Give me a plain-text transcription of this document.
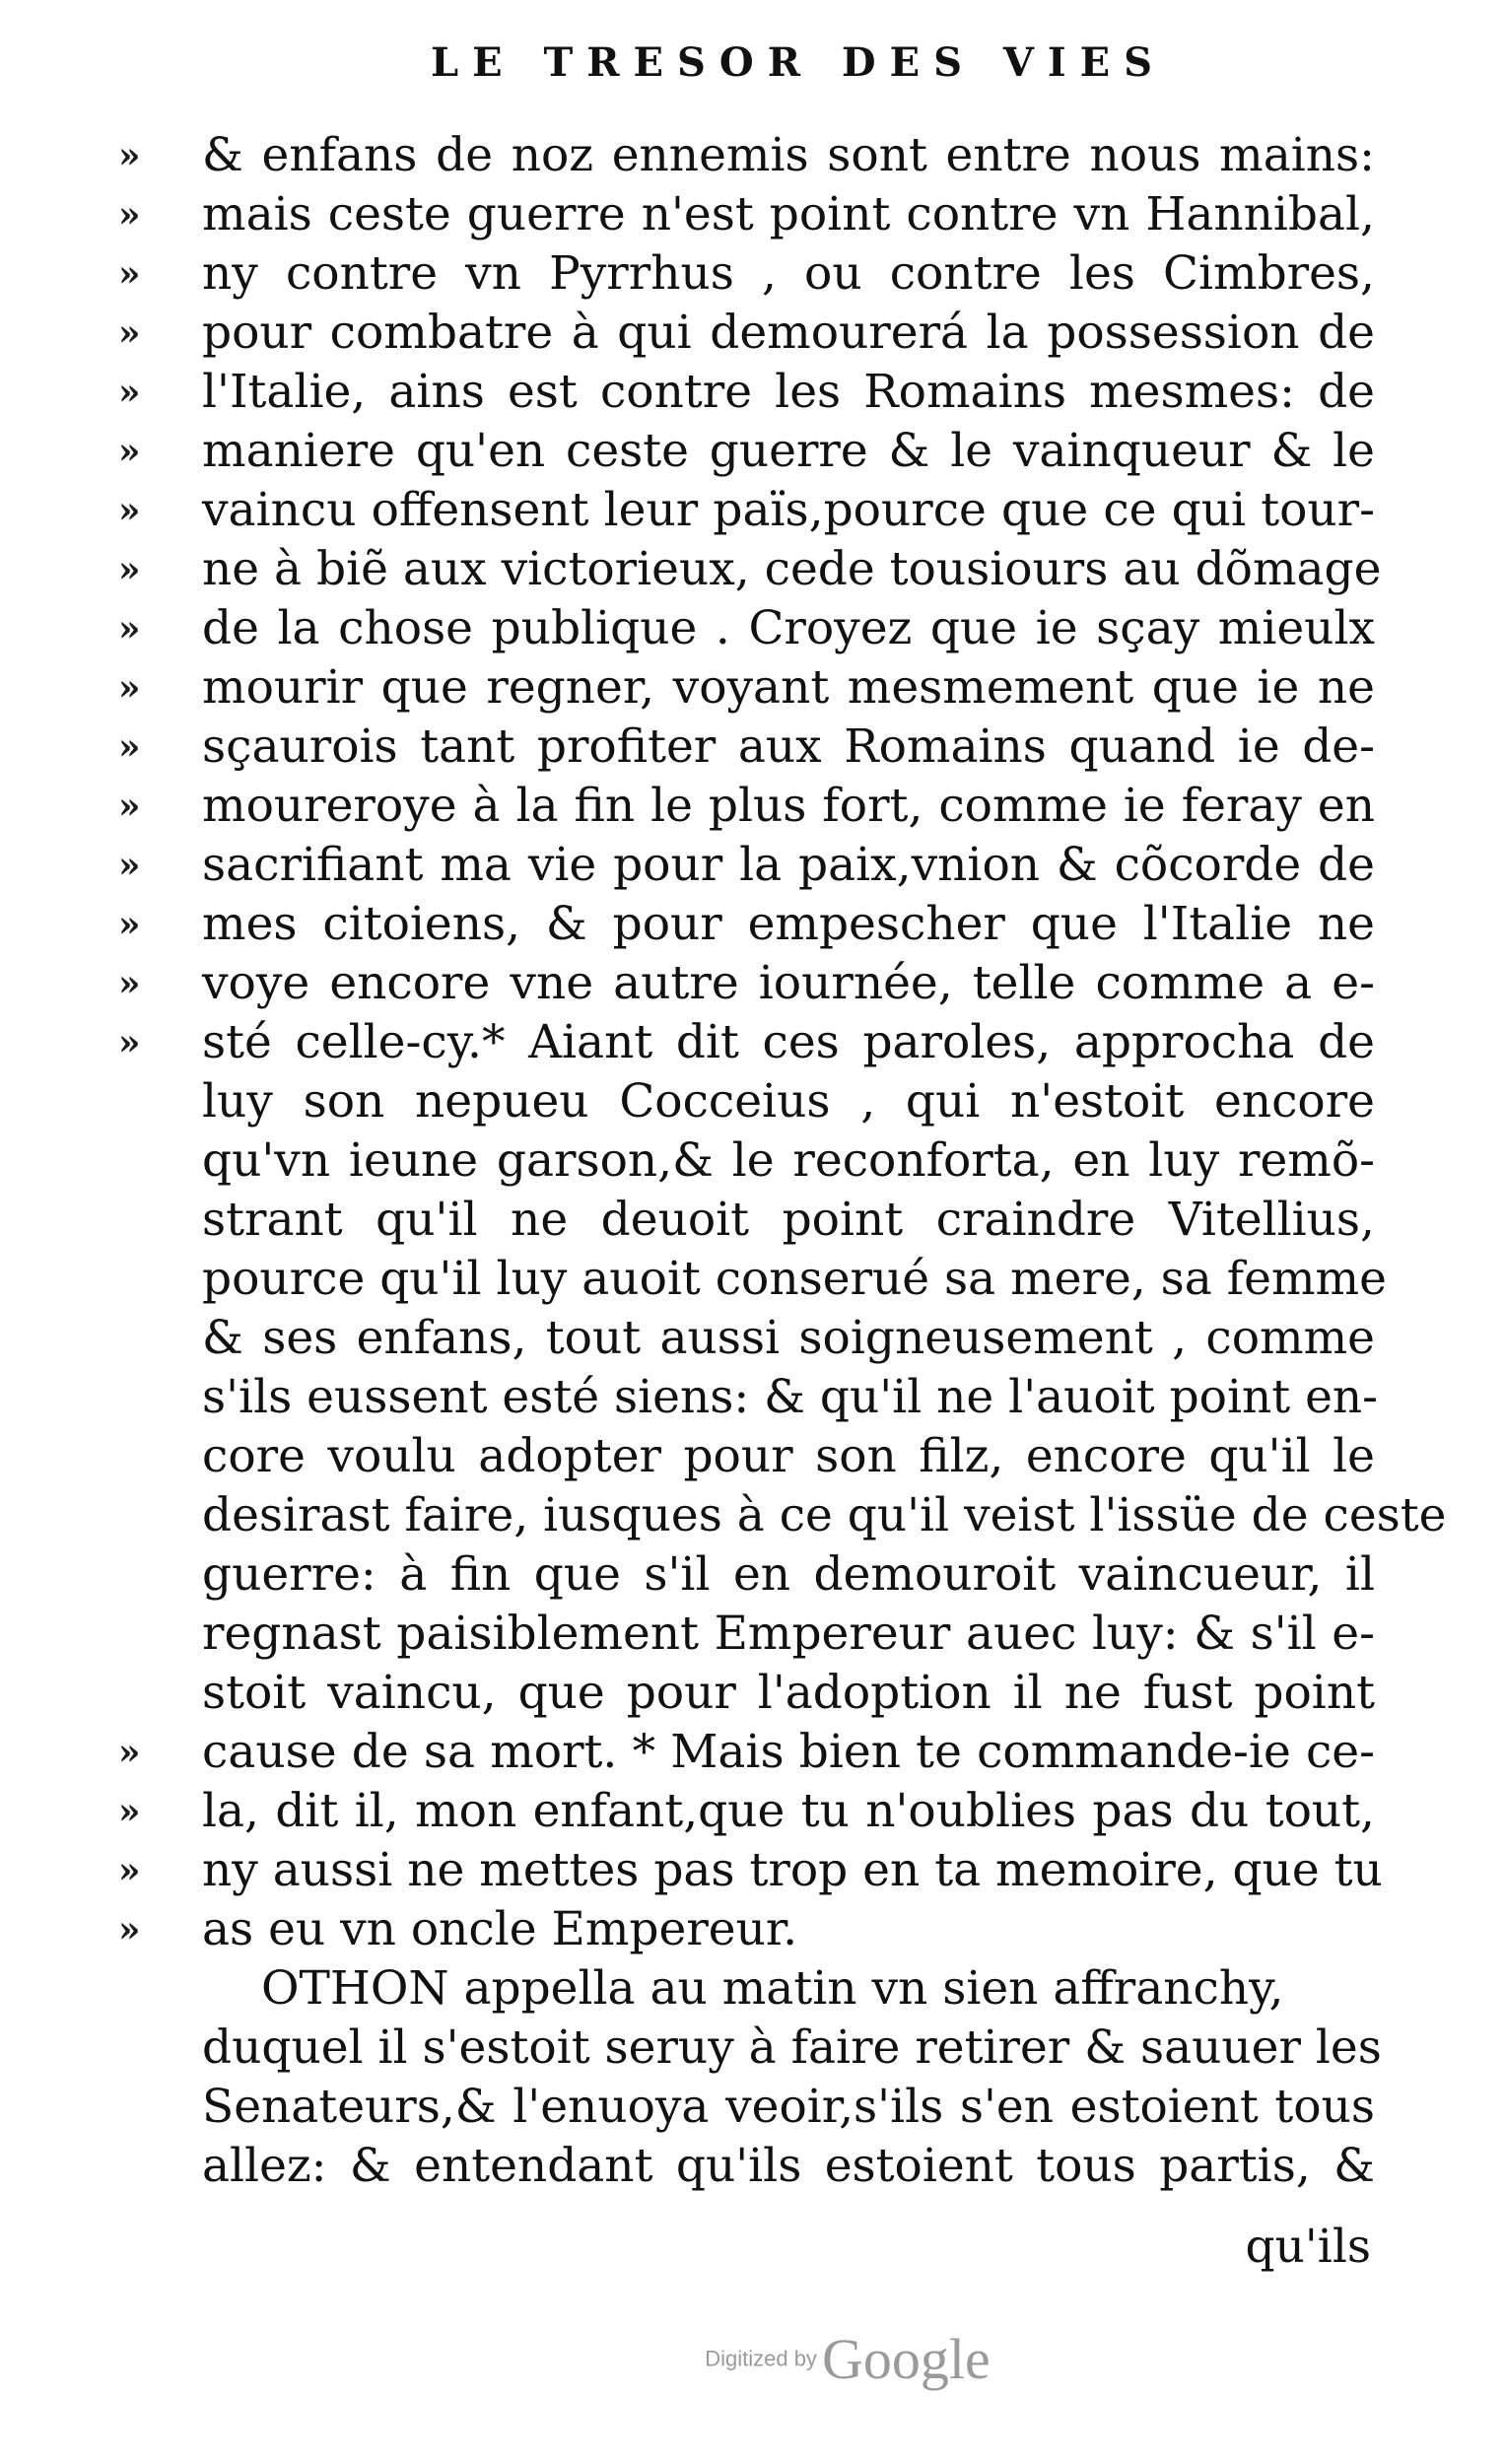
LE TRESOR DES VIES
»
»
»
»
»
»
»
»
»
»
»
»
»
»
»
»
»
»
»
»
& enfans de noz ennemis sont entre nous mains:
mais ceste guerre n'est point contre vn Hannibal,
ny contre vn Pyrrhus , ou contre les Cimbres,
pour combatre à qui demourerá la possession de
l'Italie, ains est contre les Romains mesmes: de
maniere qu'en ceste guerre & le vainqueur & le
vaincu offensent leur païs,pource que ce qui tour-
ne à biẽ aux victorieux, cede tousiours au dõmage
de la chose publique . Croyez que ie sçay mieulx
mourir que regner, voyant mesmement que ie ne
sçaurois tant profiter aux Romains quand ie de-
moureroye à la fin le plus fort, comme ie feray en
sacrifiant ma vie pour la paix,vnion & cõcorde de
mes citoiens, & pour empescher que l'Italie ne
voye encore vne autre iournée, telle comme a e-
sté celle-cy.* Aiant dit ces paroles, approcha de
luy son nepueu Cocceius , qui n'estoit encore
qu'vn ieune garson,& le reconforta, en luy remõ-
strant qu'il ne deuoit point craindre Vitellius,
pource qu'il luy auoit conserué sa mere, sa femme
& ses enfans, tout aussi soigneusement , comme
s'ils eussent esté siens: & qu'il ne l'auoit point en-
core voulu adopter pour son filz, encore qu'il le
desirast faire, iusques à ce qu'il veist l'issüe de ceste
guerre: à fin que s'il en demouroit vaincueur, il
regnast paisiblement Empereur auec luy: & s'il e-
stoit vaincu, que pour l'adoption il ne fust point
cause de sa mort. * Mais bien te commande-ie ce-
la, dit il, mon enfant,que tu n'oublies pas du tout,
ny aussi ne mettes pas trop en ta memoire, que tu
as eu vn oncle Empereur.
OTHON appella au matin vn sien affranchy,
duquel il s'estoit seruy à faire retirer & sauuer les
Senateurs,& l'enuoya veoir,s'ils s'en estoient tous
allez: & entendant qu'ils estoient tous partis, &
qu'ils
Digitized by Google
